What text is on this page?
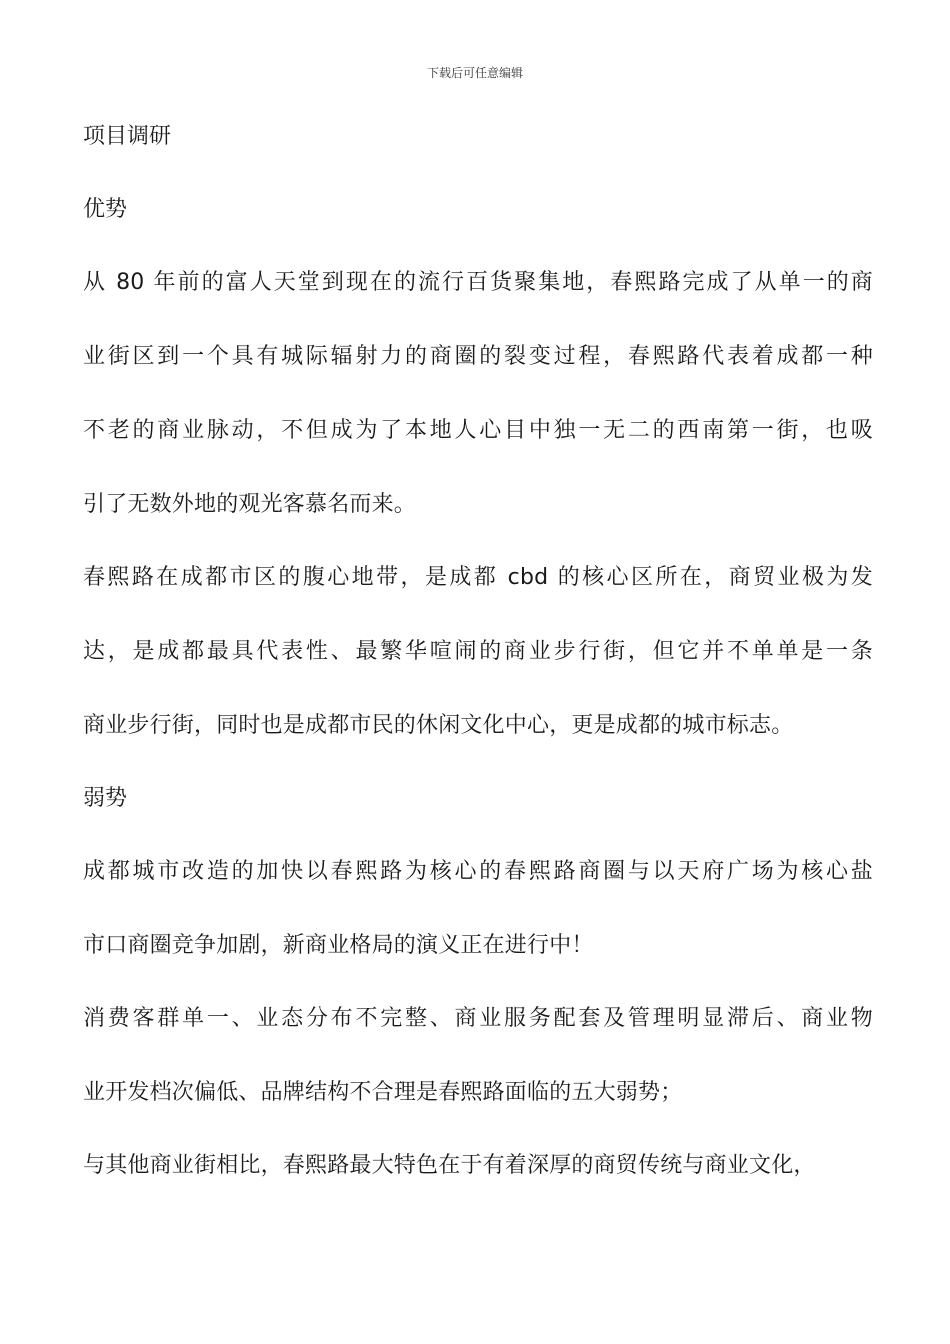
下载后可任意编辑
项目调研
优势
从 80 年前的富人天堂到现在的流行百货聚集地，春熙路完成了从单一的商
业街区到一个具有城际辐射力的商圈的裂变过程，春熙路代表着成都一种
不老的商业脉动，不但成为了本地人心目中独一无二的西南第一街，也吸
引了无数外地的观光客慕名而来。
春熙路在成都市区的腹心地带，是成都 cbd 的核心区所在，商贸业极为发
达，是成都最具代表性、最繁华喧闹的商业步行街，但它并不单单是一条
商业步行街，同时也是成都市民的休闲文化中心，更是成都的城市标志。
弱势
成都城市改造的加快以春熙路为核心的春熙路商圈与以天府广场为核心盐
市口商圈竞争加剧，新商业格局的演义正在进行中！
消费客群单一、业态分布不完整、商业服务配套及管理明显滞后、商业物
业开发档次偏低、品牌结构不合理是春熙路面临的五大弱势；
与其他商业街相比，春熙路最大特色在于有着深厚的商贸传统与商业文化，
